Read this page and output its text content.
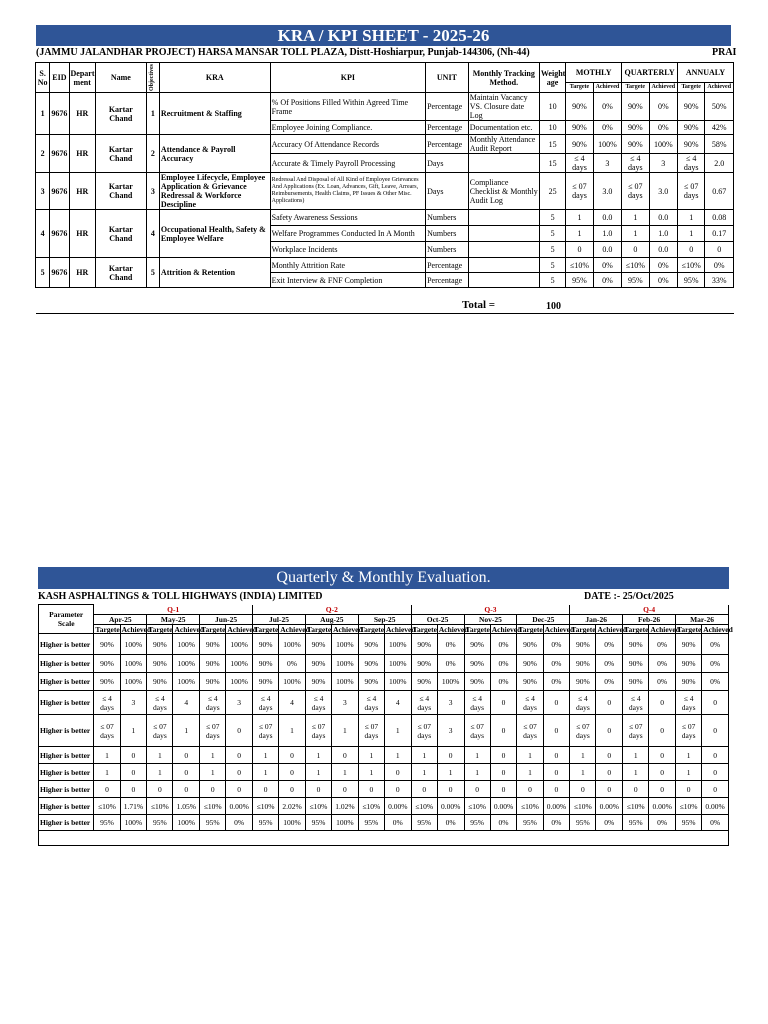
KRA / KPI SHEET - 2025-26
(JAMMU JALANDHAR PROJECT) HARSA MANSAR TOLL PLAZA, Distt-Hoshiarpur, Punjab-144306, (Nh-44)	PRAI
S. No	EID	Depart ment	Name	Objectives	KRA	KPI	UNIT	Monthly Tracking Method.	Weight age	MOTHLY		QUARTERLY		ANNUALY	
										Targete	Achieved	Targete	Achieved	Targete	Achieved
1	9676	HR	Kartar Chand	1	Recruitment & Staffing	% Of Positions Filled Within Agreed Time Frame	Percentage	Maintain Vacancy VS. Closure date Log	10	90%	0%	90%	0%	90%	50%
						Employee Joining Compliance.	Percentage	Documentation etc.	10	90%	0%	90%	0%	90%	42%
2	9676	HR	Kartar Chand	2	Attendance & Payroll Accuracy	Accuracy Of Attendance Records	Percentage	Monthly Attendance Audit Report	15	90%	100%	90%	100%	90%	58%
						Accurate & Timely Payroll Processing	Days		15	≤ 4 days	3	≤ 4 days	3	≤ 4 days	2.0
3	9676	HR	Kartar Chand	3	Employee Lifecycle, Employee Application & Grievance Redressal & Workforce Descipline	Redressal And Disposal of All Kind of Employee Grievances And Applications (Ex. Loan, Advances, Gift, Leave, Arrears, Reimbursements, Health Claims, PF Issues & Other Misc. Applications)	Days	Compliance Checklist & Monthly Audit Log	25	≤ 07 days	3.0	≤ 07 days	3.0	≤ 07 days	0.67
4	9676	HR	Kartar Chand	4	Occupational Health, Safety & Employee Welfare	Safety Awareness Sessions	Numbers		5	1	0.0	1	0.0	1	0.08
						Welfare Programmes Conducted In A Month	Numbers		5	1	1.0	1	1.0	1	0.17
						Workplace Incidents	Numbers		5	0	0.0	0	0.0	0	0
5	9676	HR	Kartar Chand	5	Attrition & Retention	Monthly Attrition Rate	Percentage		5	≤10%	0%	≤10%	0%	≤10%	0%
						Exit Interview & FNF Completion	Percentage		5	95%	0%	95%	0%	95%	33%
Total =	100
Quarterly & Monthly Evaluation.
KASH ASPHALTINGS & TOLL HIGHWAYS (INDIA) LIMITED	DATE :- 25/Oct/2025
Parameter Scale	Q-1						Q-2						Q-3						Q-4					
	Apr-25		May-25		Jun-25		Jul-25		Aug-25		Sep-25		Oct-25		Nov-25		Dec-25		Jan-26		Feb-26		Mar-26	
	Targete	Achieved	Targete	Achieved	Targete	Achieved	Targete	Achieved	Targete	Achieved	Targete	Achieved	Targete	Achieved	Targete	Achieved	Targete	Achieved	Targete	Achieved	Targete	Achieved	Targete	Achieved
Higher is better	90%	100%	90%	100%	90%	100%	90%	100%	90%	100%	90%	100%	90%	0%	90%	0%	90%	0%	90%	0%	90%	0%	90%	0%
Higher is better	90%	100%	90%	100%	90%	100%	90%	0%	90%	100%	90%	100%	90%	0%	90%	0%	90%	0%	90%	0%	90%	0%	90%	0%
Higher is better	90%	100%	90%	100%	90%	100%	90%	100%	90%	100%	90%	100%	90%	100%	90%	0%	90%	0%	90%	0%	90%	0%	90%	0%
Higher is better	≤ 4 days	3	≤ 4 days	4	≤ 4 days	3	≤ 4 days	4	≤ 4 days	3	≤ 4 days	4	≤ 4 days	3	≤ 4 days	0	≤ 4 days	0	≤ 4 days	0	≤ 4 days	0	≤ 4 days	0
Higher is better	≤ 07 days	1	≤ 07 days	1	≤ 07 days	0	≤ 07 days	1	≤ 07 days	1	≤ 07 days	1	≤ 07 days	3	≤ 07 days	0	≤ 07 days	0	≤ 07 days	0	≤ 07 days	0	≤ 07 days	0
Higher is better	1	0	1	0	1	0	1	0	1	0	1	1	1	0	1	0	1	0	1	0	1	0	1	0
Higher is better	1	0	1	0	1	0	1	0	1	1	1	0	1	1	1	0	1	0	1	0	1	0	1	0
Higher is better	0	0	0	0	0	0	0	0	0	0	0	0	0	0	0	0	0	0	0	0	0	0	0	0
Higher is better	≤10%	1.71%	≤10%	1.05%	≤10%	0.00%	≤10%	2.02%	≤10%	1.02%	≤10%	0.00%	≤10%	0.00%	≤10%	0.00%	≤10%	0.00%	≤10%	0.00%	≤10%	0.00%	≤10%	0.00%
Higher is better	95%	100%	95%	100%	95%	0%	95%	100%	95%	100%	95%	0%	95%	0%	95%	0%	95%	0%	95%	0%	95%	0%	95%	0%
